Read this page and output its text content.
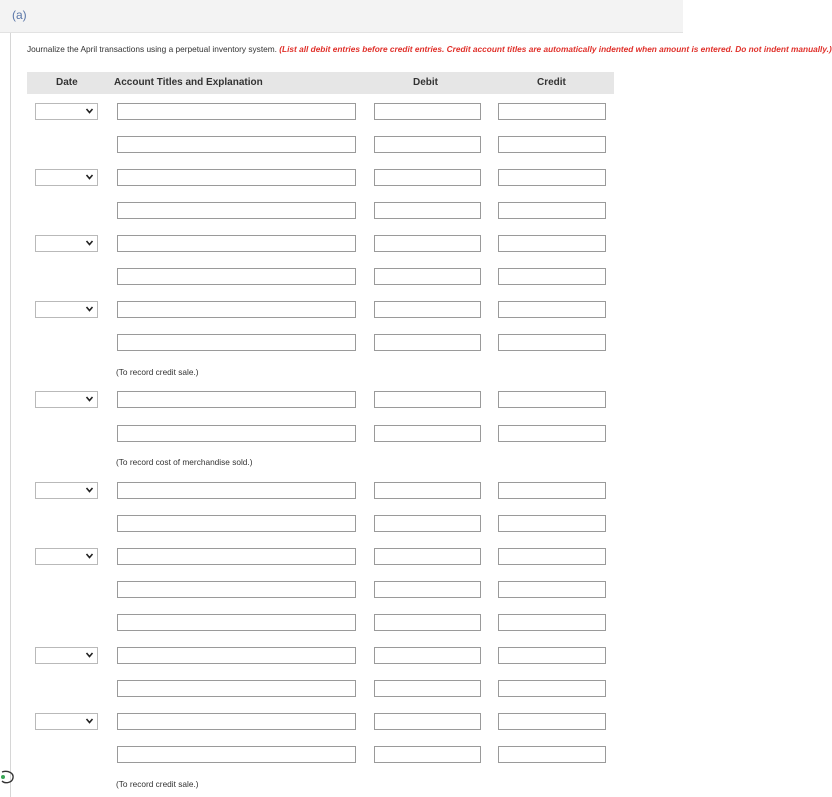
(a)
Journalize the April transactions using a perpetual inventory system. (List all debit entries before credit entries. Credit account titles are automatically indented when amount is entered. Do not indent manually.)
Date	Account Titles and Explanation	Debit	Credit
(To record credit sale.)
(To record cost of merchandise sold.)
(To record credit sale.)
